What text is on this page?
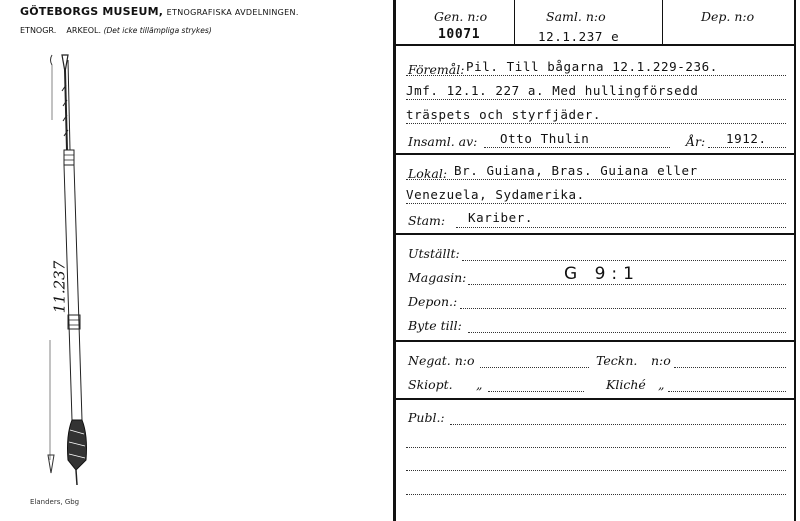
GÖTEBORGS MUSEUM, ETNOGRAFISKA AVDELNINGEN.
ETNOGR.    ARKEOL. (Det icke tillämpliga strykes)
11.237
Elanders, Gbg
Gen. n:o
10071
Saml. n:o
12.1.237 e
Dep. n:o
Föremål: Pil. Till bågarna 12.1.229-236.
Jmf. 12.1. 227 a. Med hullingförsedd
träspets och styrfjäder.
Insaml. av: Otto Thulin	År: 1912.
Lokal: Br. Guiana, Bras. Guiana eller
Venezuela, Sydamerika.
Stam: Kariber.
Utställt:
Magasin:	G 9:1
Depon.:
Byte till:
Negat. n:o	Teckn. n:o
Skiopt. „	Kliché „
Publ.:
